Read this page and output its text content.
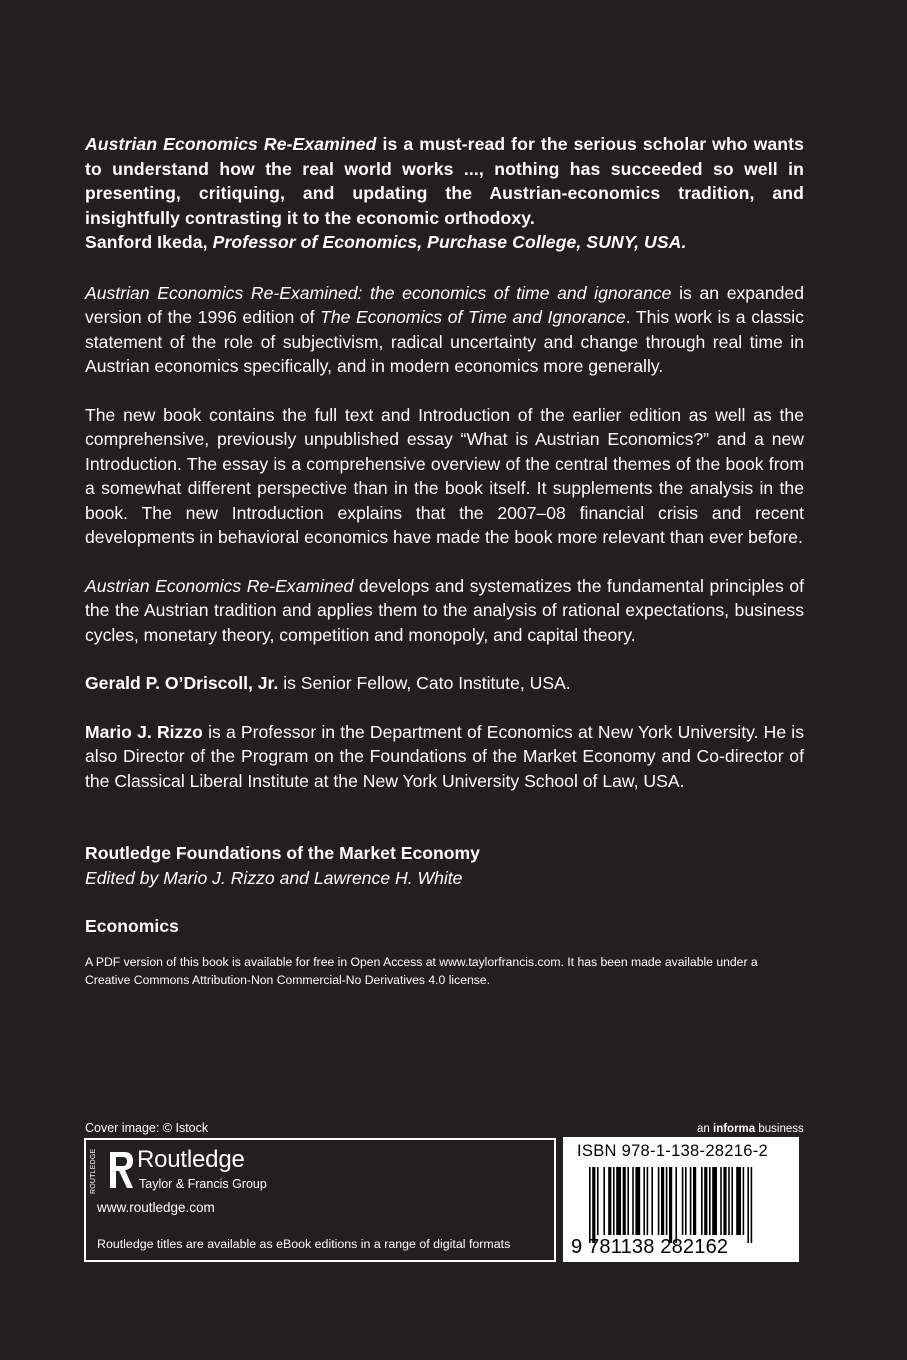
Austrian Economics Re-Examined is a must-read for the serious scholar who wants to understand how the real world works ..., nothing has succeeded so well in presenting, critiquing, and updating the Austrian-economics tradition, and insightfully contrasting it to the economic orthodoxy.
Sanford Ikeda, Professor of Economics, Purchase College, SUNY, USA.

Austrian Economics Re-Examined: the economics of time and ignorance is an expanded version of the 1996 edition of The Economics of Time and Ignorance. This work is a classic statement of the role of subjectivism, radical uncertainty and change through real time in Austrian economics specifically, and in modern economics more generally.

The new book contains the full text and Introduction of the earlier edition as well as the comprehensive, previously unpublished essay “What is Austrian Economics?” and a new Introduction. The essay is a comprehensive overview of the central themes of the book from a somewhat different perspective than in the book itself. It supplements the analysis in the book. The new Introduction explains that the 2007–08 financial crisis and recent developments in behavioral economics have made the book more relevant than ever before.

Austrian Economics Re-Examined develops and systematizes the fundamental principles of the the Austrian tradition and applies them to the analysis of rational expectations, business cycles, monetary theory, competition and monopoly, and capital theory.

Gerald P. O’Driscoll, Jr. is Senior Fellow, Cato Institute, USA.

Mario J. Rizzo is a Professor in the Department of Economics at New York University. He is also Director of the Program on the Foundations of the Market Economy and Co-director of the Classical Liberal Institute at the New York University School of Law, USA.

Routledge Foundations of the Market Economy

Edited by Mario J. Rizzo and Lawrence H. White

Economics

A PDF version of this book is available for free in Open Access at www.taylorfrancis.com. It has been made available under a Creative Commons Attribution-Non Commercial-No Derivatives 4.0 license.

Cover image: © Istock	an informa business
ROUTLEDGE Routledge
Taylor & Francis Group
www.routledge.com
Routledge titles are available as eBook editions in a range of digital formats
ISBN 978-1-138-28216-2
9 781138 282162
